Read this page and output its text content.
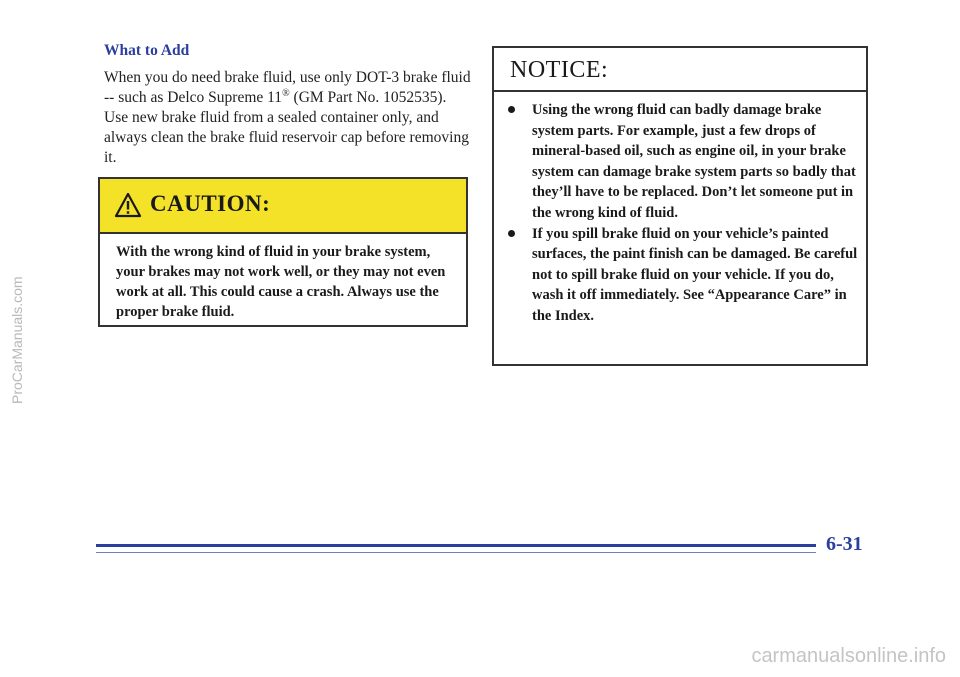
What to Add
When you do need brake fluid, use only DOT-3 brake fluid -- such as Delco Supreme 11® (GM Part No. 1052535). Use new brake fluid from a sealed container only, and always clean the brake fluid reservoir cap before removing it.
CAUTION:
With the wrong kind of fluid in your brake system, your brakes may not work well, or they may not even work at all. This could cause a crash. Always use the proper brake fluid.
NOTICE:
Using the wrong fluid can badly damage brake system parts. For example, just a few drops of mineral-based oil, such as engine oil, in your brake system can damage brake system parts so badly that they’ll have to be replaced. Don’t let someone put in the wrong kind of fluid.
If you spill brake fluid on your vehicle’s painted surfaces, the paint finish can be damaged. Be careful not to spill brake fluid on your vehicle. If you do, wash it off immediately. See “Appearance Care” in the Index.
6-31
ProCarManuals.com
carmanualsonline.info
